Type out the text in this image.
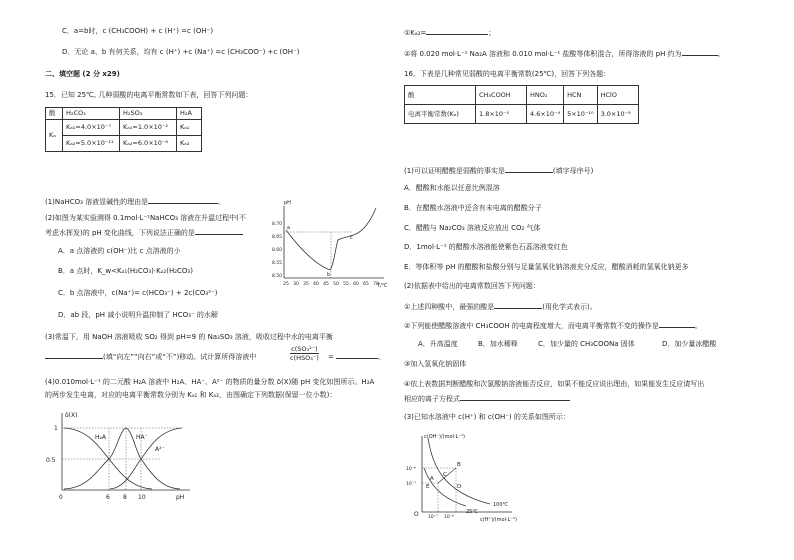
C．a=b时，c (CH₃COOH) + c (H⁺) =c (OH⁻)
D．无论 a、b 有何关系，均有 c (H⁺) +c (Na⁺) =c (CH₃COO⁻) +c (OH⁻)
二、填空题 (2 分 x29)
15．已知 25℃, 几种弱酸的电离平衡常数如下表，回答下列问题：
酸	H₂CO₃	H₂SO₃	H₂A
Kₐ	Kₐ₁=4.0×10⁻⁷	Kₐ₁=1.0×10⁻²	Kₐ₁
	Kₐ₂=5.0×10⁻¹¹	Kₐ₂=6.0×10⁻⁸	Kₐ₂
(1)NaHCO₃ 溶液显碱性的理由是	。
(2)如图为某实验测得 0.1mol·L⁻¹NaHCO₃ 溶液在升温过程中(不
考虑水挥发)的 pH 变化曲线，下列说法正确的是
A．a 点溶液的 c(OH⁻)比 c 点溶液的小
B．a 点时，K_w<Kₐ₁(H₂CO₃)·Kₐ₂(H₂CO₃)
C．b 点溶液中，c(Na⁺)= c(HCO₃⁻) + 2c(CO₃²⁻)
D．ab 段，pH 减小说明升温抑制了 HCO₃⁻ 的水解
(3)常温下，用 NaOH 溶液吸收 SO₂ 得到 pH=9 的 Na₂SO₃ 溶液，吸收过程中水的电离平衡
(填“向左”“向右”或“不”)移动。试计算所得溶液中
c(SO₃²⁻)
c(HSO₃⁻) =	。
(4)0.010mol·L⁻¹ 的二元酸 H₂A 溶液中 H₂A、HA⁻、A²⁻ 的物质的量分数 δ(X)随 pH 变化如图所示。H₂A
的两步发生电离，对应的电离平衡常数分别为 Kₐ₁ 和 Kₐ₂，由图确定下列数据(保留一位小数)：
pH
T/℃
8.70
8.65
8.60
8.55
8.50
25 30 35 40 45 50 55 60 65 70
a
b
c
δ(X)
pH
1
0.5
0	6 8 10
H₂A	HA⁻
A²⁻
①Kₐ₂=	；
②将 0.020 mol·L⁻¹ Na₂A 溶液和 0.010 mol·L⁻¹ 盐酸等体积混合，所得溶液的 pH 约为	。
16．下表是几种常见弱酸的电离平衡常数(25℃)，回答下列各题：
酸	CH₃COOH	HNO₂	HCN	HClO
电离平衡常数(Kₐ)	1.8×10⁻⁵	4.6×10⁻⁴	5×10⁻¹⁰	3.0×10⁻⁸
(1)可以证明醋酸是弱酸的事实是	(填字母序号)
A．醋酸和水能以任意比例混溶
B．在醋酸水溶液中还含有未电离的醋酸分子
C．醋酸与 Na₂CO₃ 溶液反应放出 CO₂ 气体
D．1mol·L⁻¹ 的醋酸水溶液能使紫色石蕊溶液变红色
E．等体积等 pH 的醋酸和盐酸分别与足量氢氧化钠溶液充分反应，醋酸消耗的氢氧化钠更多
(2)依据表中给出的电离常数回答下列问题：
①上述四种酸中，最强的酸是	(用化学式表示)。
②下列能使醋酸溶液中 CH₃COOH 的电离程度增大，而电离平衡常数不变的操作是	。
A．升高温度	B．加水稀释	C．加少量的 CH₃COONa 固体	D．加少量冰醋酸
③加入氢氧化钠固体
④依上表数据判断醋酸和次氯酸钠溶液能否反应，如果不能反应说出理由，如果能发生反应请写出
相应的离子方程式
(3)已知水溶液中 c(H⁺) 和 c(OH⁻) 的关系如图所示：
c(OH⁻)/(mol·L⁻¹)
c(H⁺)/(mol·L⁻¹)
O
10⁻⁶
10⁻⁷
10⁻⁷ 10⁻⁶
A
B
C
D
E
100℃
25℃
